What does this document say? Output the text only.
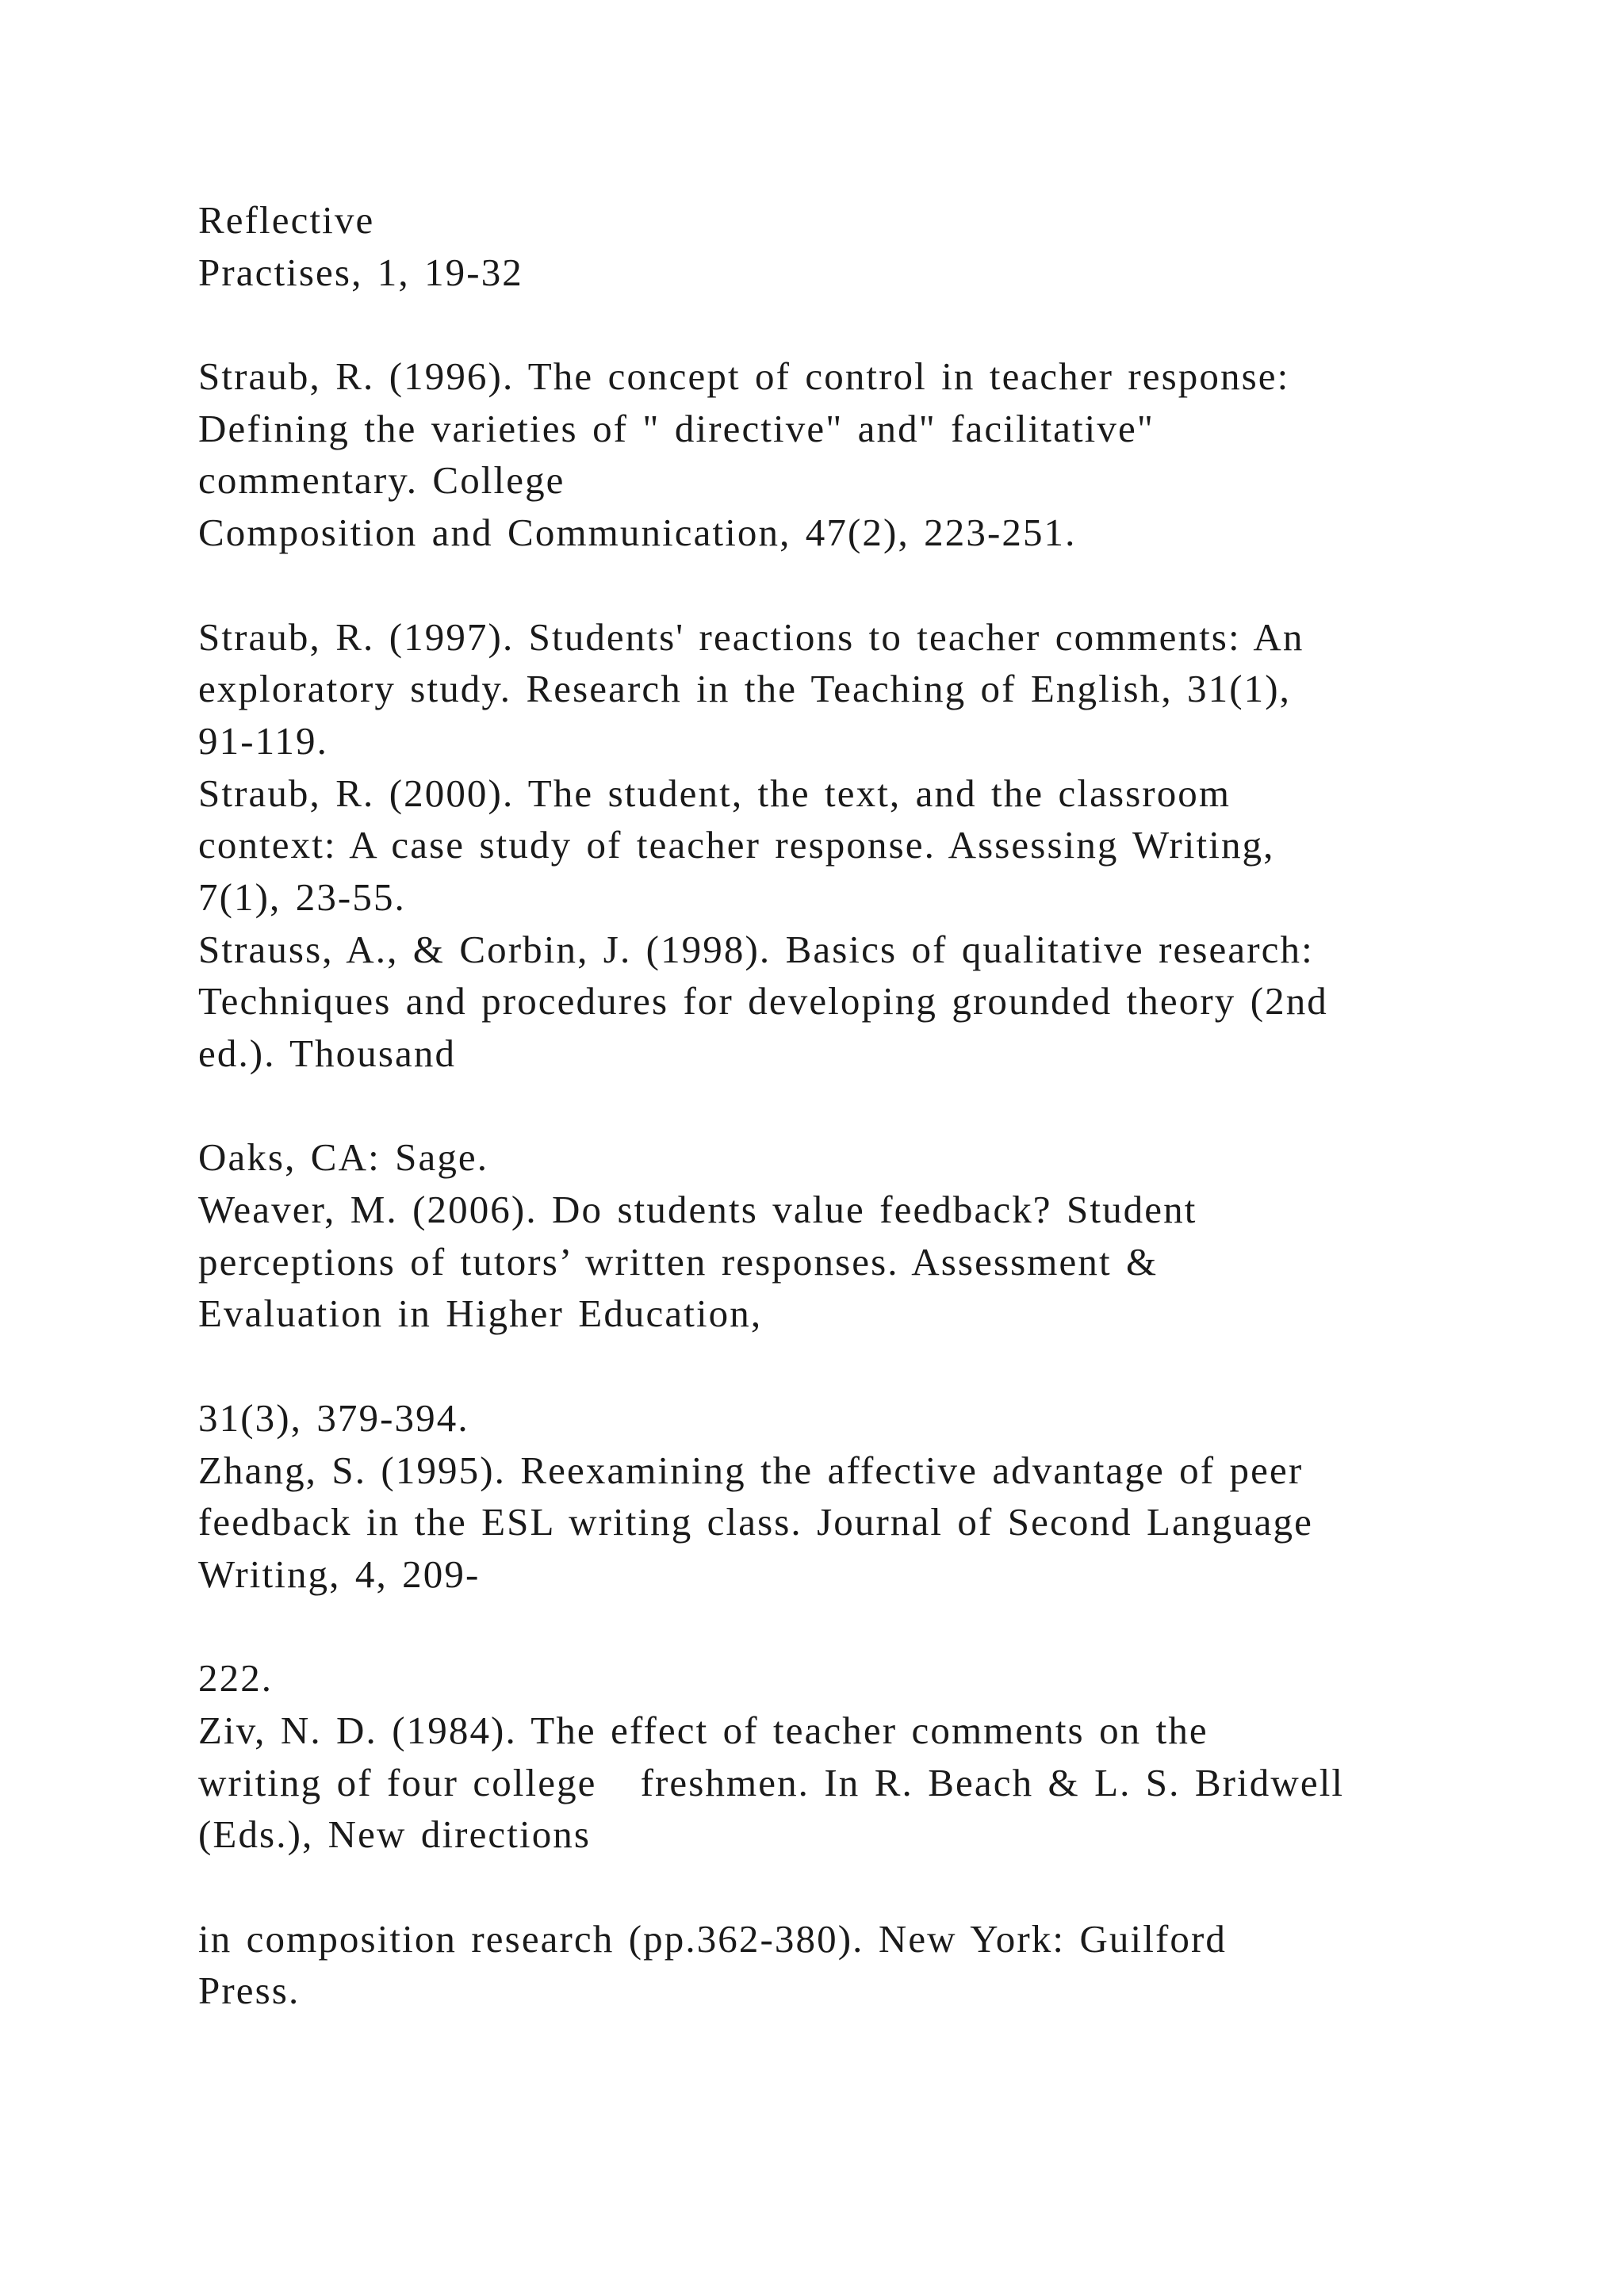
Reflective
Practises, 1, 19-32
Straub, R. (1996). The concept of control in teacher response:
Defining the varieties of " directive" and" facilitative"
commentary. College
Composition and Communication, 47(2), 223-251.
Straub, R. (1997). Students' reactions to teacher comments: An
exploratory study. Research in the Teaching of English, 31(1),
91-119.
Straub, R. (2000). The student, the text, and the classroom
context: A case study of teacher response. Assessing Writing,
7(1), 23-55.
Strauss, A., & Corbin, J. (1998). Basics of qualitative research:
Techniques and procedures for developing grounded theory (2nd
ed.). Thousand
Oaks, CA: Sage.
Weaver, M. (2006). Do students value feedback? Student
perceptions of tutors’ written responses. Assessment &
Evaluation in Higher Education,
31(3), 379-394.
Zhang, S. (1995). Reexamining the affective advantage of peer
feedback in the ESL writing class. Journal of Second Language
Writing, 4, 209-
222.
Ziv, N. D. (1984). The effect of teacher comments on the
writing of four college   freshmen. In R. Beach & L. S. Bridwell
(Eds.), New directions
in composition research (pp.362-380). New York: Guilford
Press.
